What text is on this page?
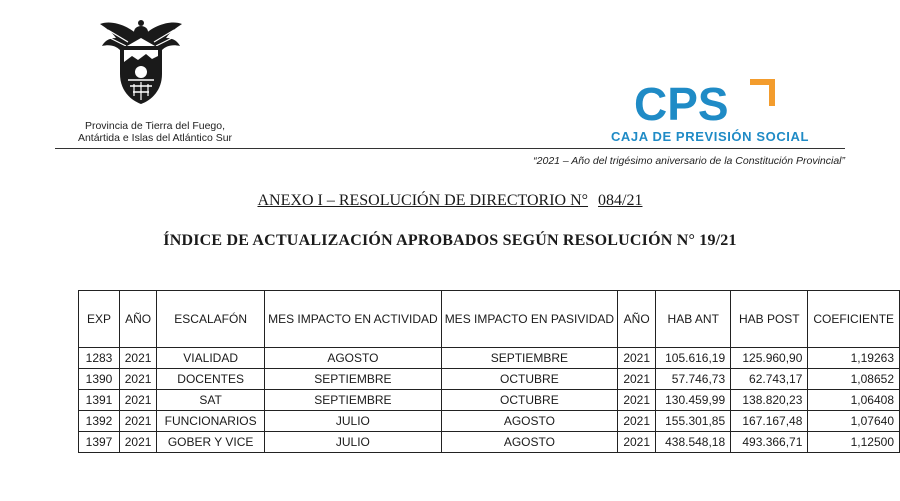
Provincia de Tierra del Fuego,
Antártida e Islas del Atlántico Sur
CPS
CAJA DE PREVISIÓN SOCIAL
“2021 – Año del trigésimo aniversario de la Constitución Provincial”
ANEXO I – RESOLUCIÓN DE DIRECTORIO N° 084/21
ÍNDICE DE ACTUALIZACIÓN APROBADOS SEGÚN RESOLUCIÓN N° 19/21
EXP	AÑO	ESCALAFÓN	MES IMPACTO EN ACTIVIDAD	MES IMPACTO EN PASIVIDAD	AÑO	HAB ANT	HAB POST	COEFICIENTE
1283	2021	VIALIDAD	AGOSTO	SEPTIEMBRE	2021	105.616,19	125.960,90	1,19263
1390	2021	DOCENTES	SEPTIEMBRE	OCTUBRE	2021	57.746,73	62.743,17	1,08652
1391	2021	SAT	SEPTIEMBRE	OCTUBRE	2021	130.459,99	138.820,23	1,06408
1392	2021	FUNCIONARIOS	JULIO	AGOSTO	2021	155.301,85	167.167,48	1,07640
1397	2021	GOBER Y VICE	JULIO	AGOSTO	2021	438.548,18	493.366,71	1,12500
